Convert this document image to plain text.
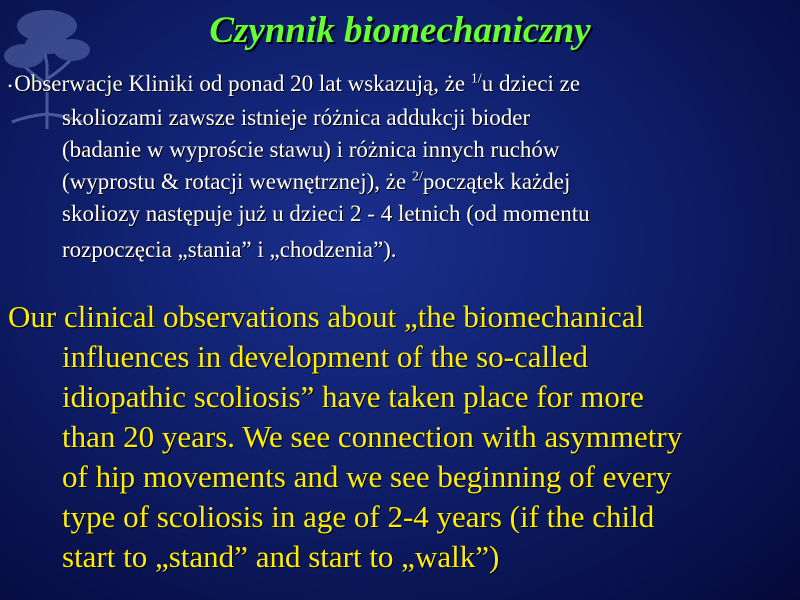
Czynnik biomechaniczny
•Obserwacje Kliniki od ponad 20 lat wskazują, że $^{1/}$u dzieci ze
skoliozami zawsze istnieje różnica addukcji bioder
(badanie w wyproście stawu) i różnica innych ruchów
(wyprostu & rotacji wewnętrznej), że $^{2/}$początek każdej
skoliozy następuje już u dzieci 2 - 4 letnich (od momentu
rozpoczęcia „stania” i „chodzenia”).
Our clinical observations about „the biomechanical
influences in development of the so-called
idiopathic scoliosis” have taken place for more
than 20 years. We see connection with asymmetry
of hip movements and we see beginning of every
type of scoliosis in age of 2-4 years (if the child
start to „stand” and start to „walk”)
